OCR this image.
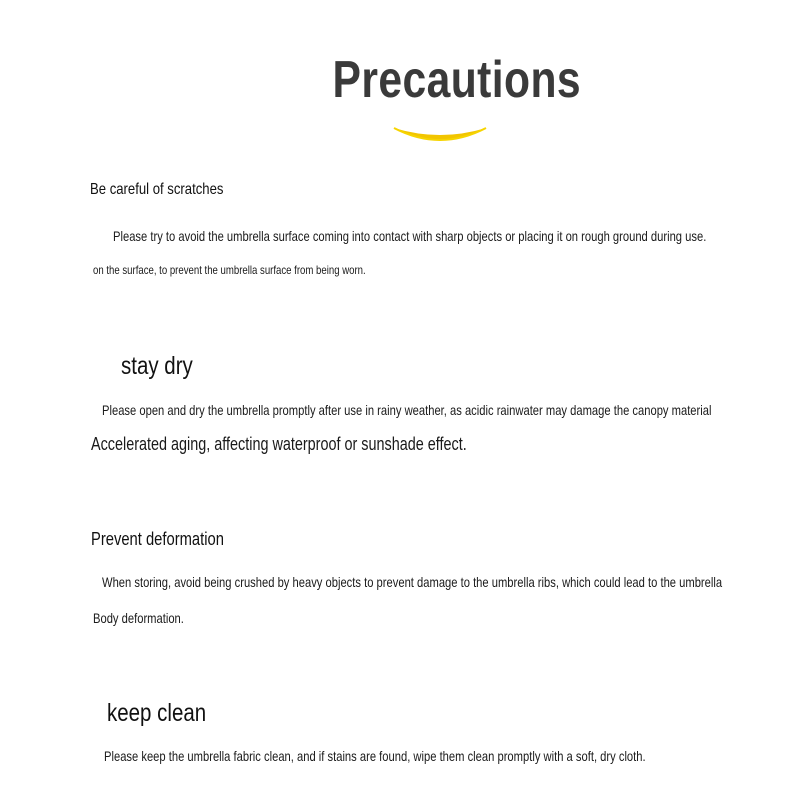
Precautions
Be careful of scratches
Please try to avoid the umbrella surface coming into contact with sharp objects or placing it on rough ground during use.
on the surface, to prevent the umbrella surface from being worn.
stay dry
Please open and dry the umbrella promptly after use in rainy weather, as acidic rainwater may damage the canopy material
Accelerated aging, affecting waterproof or sunshade effect.
Prevent deformation
When storing, avoid being crushed by heavy objects to prevent damage to the umbrella ribs, which could lead to the umbrella
Body deformation.
keep clean
Please keep the umbrella fabric clean, and if stains are found, wipe them clean promptly with a soft, dry cloth.
